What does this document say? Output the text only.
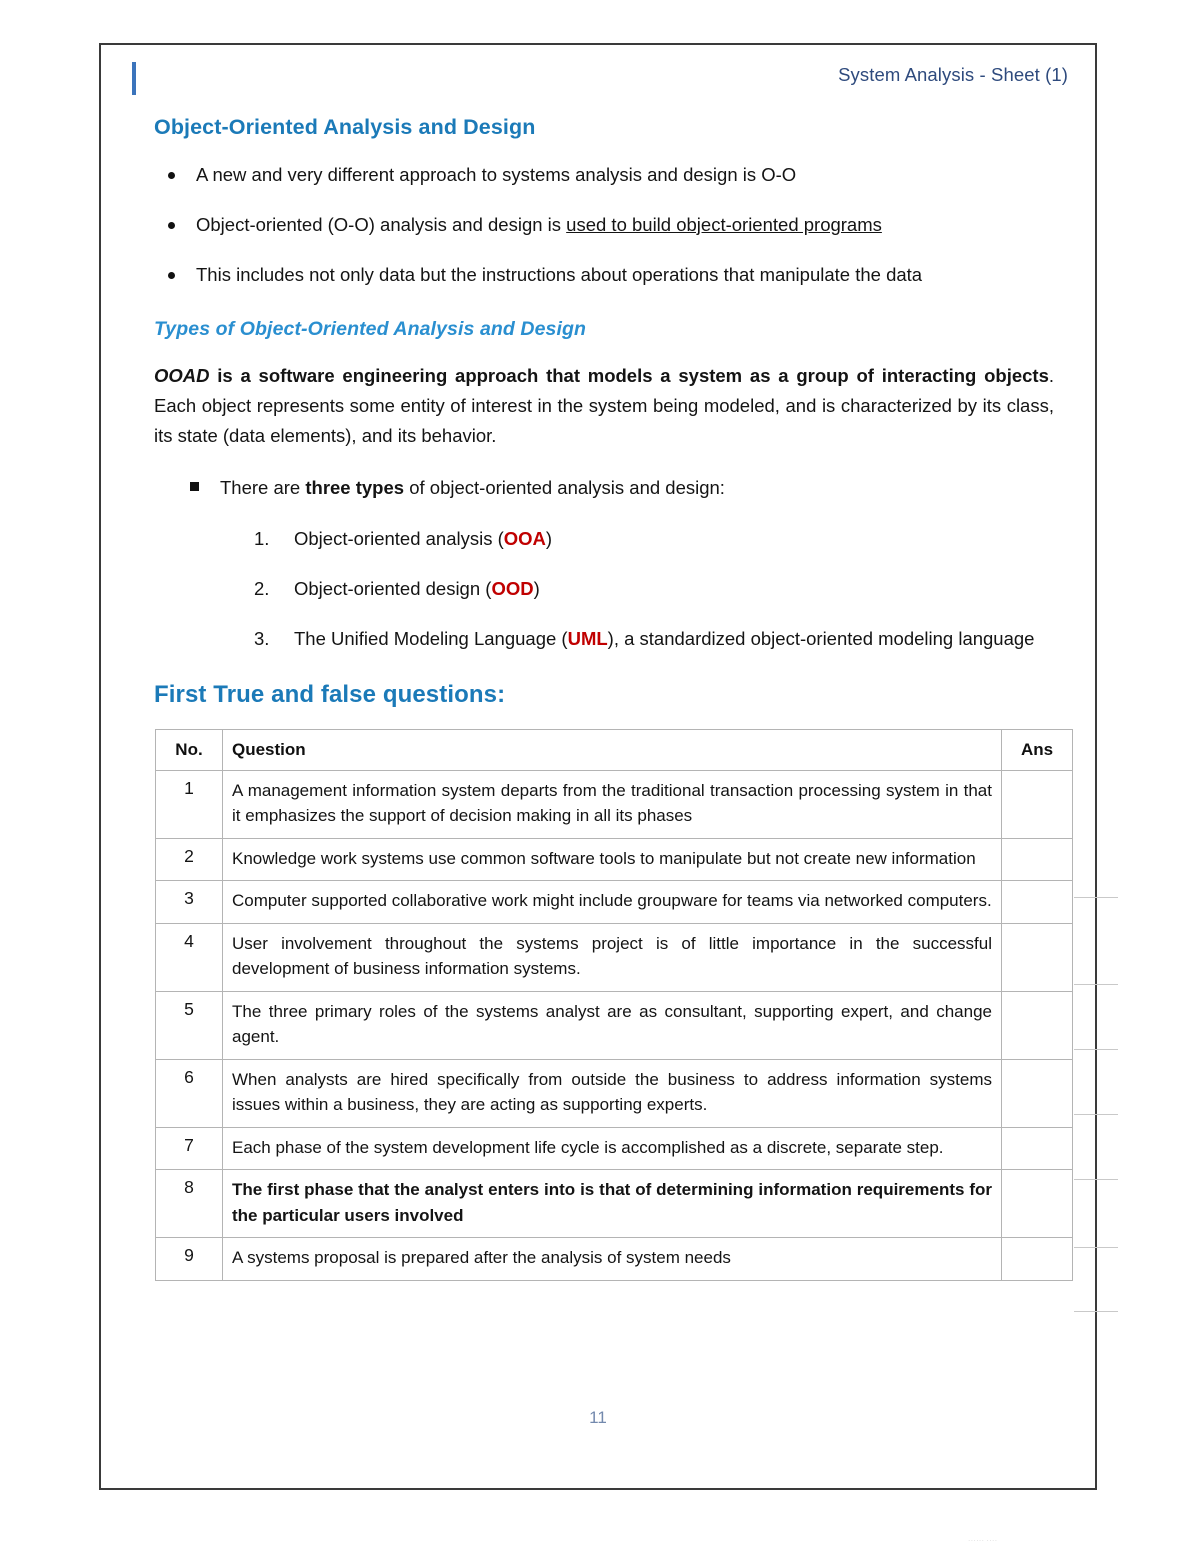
System Analysis - Sheet (1)
Object-Oriented Analysis and Design
A new and very different approach to systems analysis and design is O-O
Object-oriented (O-O) analysis and design is used to build object-oriented programs
This includes not only data but the instructions about operations that manipulate the data
Types of Object-Oriented Analysis and Design

OOAD is a software engineering approach that models a system as a group of interacting objects. Each object represents some entity of interest in the system being modeled, and is characterized by its class, its state (data elements), and its behavior.

There are three types of object-oriented analysis and design:
1.	Object-oriented analysis (OOA)
2.	Object-oriented design (OOD)
3.	The Unified Modeling Language (UML), a standardized object-oriented modeling language
First True and false questions:
No.	Question	Ans
1	A management information system departs from the traditional transaction processing system in that it emphasizes the support of decision making in all its phases	
2	Knowledge work systems use common software tools to manipulate but not create new information	
3	Computer supported collaborative work might include groupware for teams via networked computers.	
4	User involvement throughout the systems project is of little importance in the successful development of business information systems.	
5	The three primary roles of the systems analyst are as consultant, supporting expert, and change agent.	
6	When analysts are hired specifically from outside the business to address information systems issues within a business, they are acting as supporting experts.	
7	Each phase of the system development life cycle is accomplished as a discrete, separate step.	
8	The first phase that the analyst enters into is that of determining information requirements for the particular users involved	
9	A systems proposal is prepared after the analysis of system needs	
11
······ ····
